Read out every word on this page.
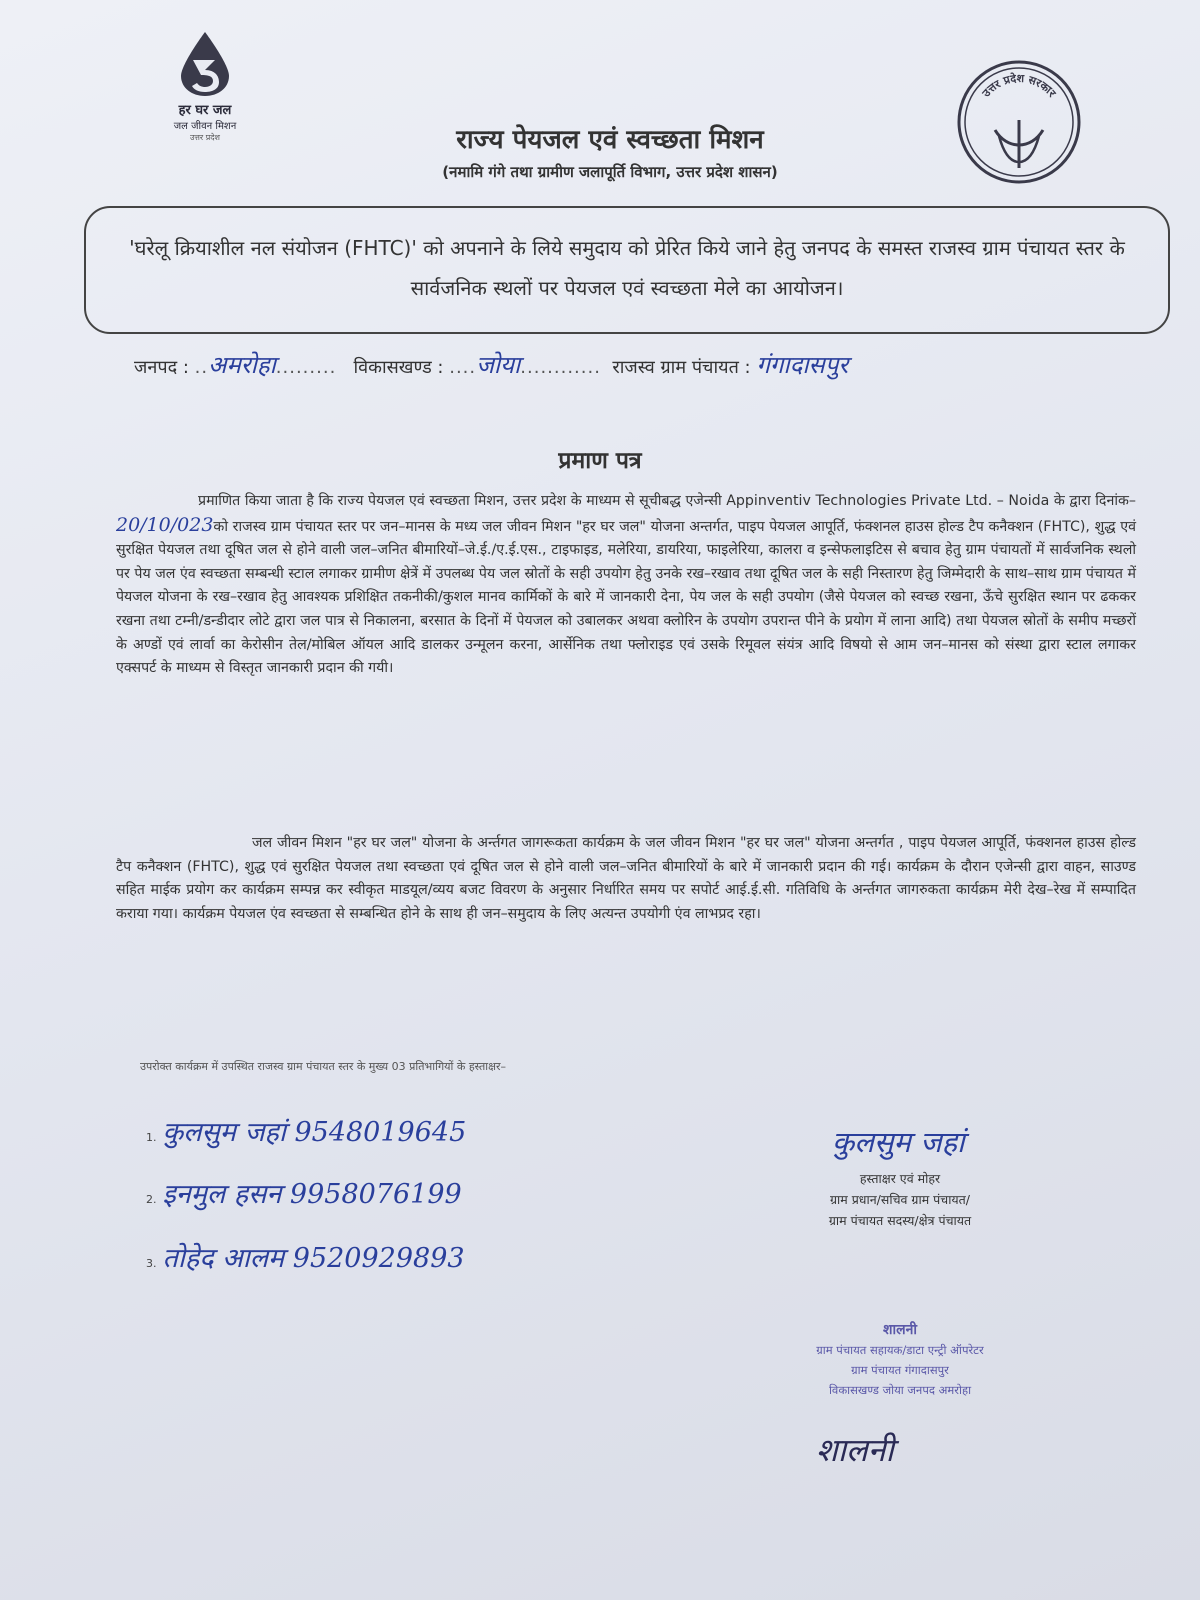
हर घर जल
जल जीवन मिशन
उत्तर प्रदेश
उत्तर प्रदेश सरकार
राज्य पेयजल एवं स्वच्छता मिशन
(नमामि गंगे तथा ग्रामीण जलापूर्ति विभाग, उत्तर प्रदेश शासन)
'घरेलू क्रियाशील नल संयोजन (FHTC)' को अपनाने के लिये समुदाय को प्रेरित किये जाने हेतु जनपद के समस्त राजस्व ग्राम पंचायत स्तर के सार्वजनिक स्थलों पर पेयजल एवं स्वच्छता मेले का आयोजन।
जनपद : ..अमरोहा......... विकासखण्ड : ....जोया............ राजस्व ग्राम पंचायत : गंगादासपुर
प्रमाण पत्र
प्रमाणित किया जाता है कि राज्य पेयजल एवं स्वच्छता मिशन, उत्तर प्रदेश के माध्यम से सूचीबद्ध एजेन्सी Appinventiv Technologies Private Ltd. – Noida के द्वारा दिनांक–20/10/023को राजस्व ग्राम पंचायत स्तर पर जन–मानस के मध्य जल जीवन मिशन "हर घर जल" योजना अन्तर्गत, पाइप पेयजल आपूर्ति, फंक्शनल हाउस होल्ड टैप कनैक्शन (FHTC), शुद्ध एवं सुरक्षित पेयजल तथा दूषित जल से होने वाली जल–जनित बीमारियों–जे.ई./ए.ई.एस., टाइफाइड, मलेरिया, डायरिया, फाइलेरिया, कालरा व इन्सेफलाइटिस से बचाव हेतु ग्राम पंचायतों में सार्वजनिक स्थलो पर पेय जल एंव स्वच्छता सम्बन्धी स्टाल लगाकर ग्रामीण क्षेत्रें में उपलब्ध पेय जल स्रोतों के सही उपयोग हेतु उनके रख–रखाव तथा दूषित जल के सही निस्तारण हेतु जिम्मेदारी के साथ–साथ ग्राम पंचायत में पेयजल योजना के रख–रखाव हेतु आवश्यक प्रशिक्षित तकनीकी/कुशल मानव कार्मिकों के बारे में जानकारी देना, पेय जल के सही उपयोग (जैसे पेयजल को स्वच्छ रखना, ऊँचे सुरक्षित स्थान पर ढककर रखना तथा टम्नी/डन्डीदार लोटे द्वारा जल पात्र से निकालना, बरसात के दिनों में पेयजल को उबालकर अथवा क्लोरिन के उपयोग उपरान्त पीने के प्रयोग में लाना आदि) तथा पेयजल स्रोतों के समीप मच्छरों के अण्डों एवं लार्वा का केरोसीन तेल/मोबिल ऑयल आदि डालकर उन्मूलन करना, आर्सेनिक तथा फ्लोराइड एवं उसके रिमूवल संयंत्र आदि विषयो से आम जन–मानस को संस्था द्वारा स्टाल लगाकर एक्सपर्ट के माध्यम से विस्तृत जानकारी प्रदान की गयी।
जल जीवन मिशन "हर घर जल" योजना के अर्न्तगत जागरूकता कार्यक्रम के जल जीवन मिशन "हर घर जल" योजना अन्तर्गत , पाइप पेयजल आपूर्ति, फंक्शनल हाउस होल्ड टैप कनैक्शन (FHTC), शुद्ध एवं सुरक्षित पेयजल तथा स्वच्छता एवं दूषित जल से होने वाली जल–जनित बीमारियों के बारे में जानकारी प्रदान की गई। कार्यक्रम के दौरान एजेन्सी द्वारा वाहन, साउण्ड सहित माईक प्रयोग कर कार्यक्रम सम्पन्न कर स्वीकृत माडयूल/व्यय बजट विवरण के अनुसार निर्धारित समय पर सपोर्ट आई.ई.सी. गतिविधि के अर्न्तगत जागरुकता कार्यक्रम मेरी देख–रेख में सम्पादित कराया गया। कार्यक्रम पेयजल एंव स्वच्छता से सम्बन्धित होने के साथ ही जन–समुदाय के लिए अत्यन्त उपयोगी एंव लाभप्रद रहा।
उपरोक्त कार्यक्रम में उपस्थित राजस्व ग्राम पंचायत स्तर के मुख्य 03 प्रतिभागियों के हस्ताक्षर–
1. कुलसुम जहां 9548019645
2. इनमुल हसन 9958076199
3. तोहेद आलम 9520929893
कुलसुम जहां
हस्ताक्षर एवं मोहर
ग्राम प्रधान/सचिव ग्राम पंचायत/
ग्राम पंचायत सदस्य/क्षेत्र पंचायत
शालनी
ग्राम पंचायत सहायक/डाटा एन्ट्री ऑपरेटर
ग्राम पंचायत गंगादासपुर
विकासखण्ड जोया जनपद अमरोहा
शालनी
